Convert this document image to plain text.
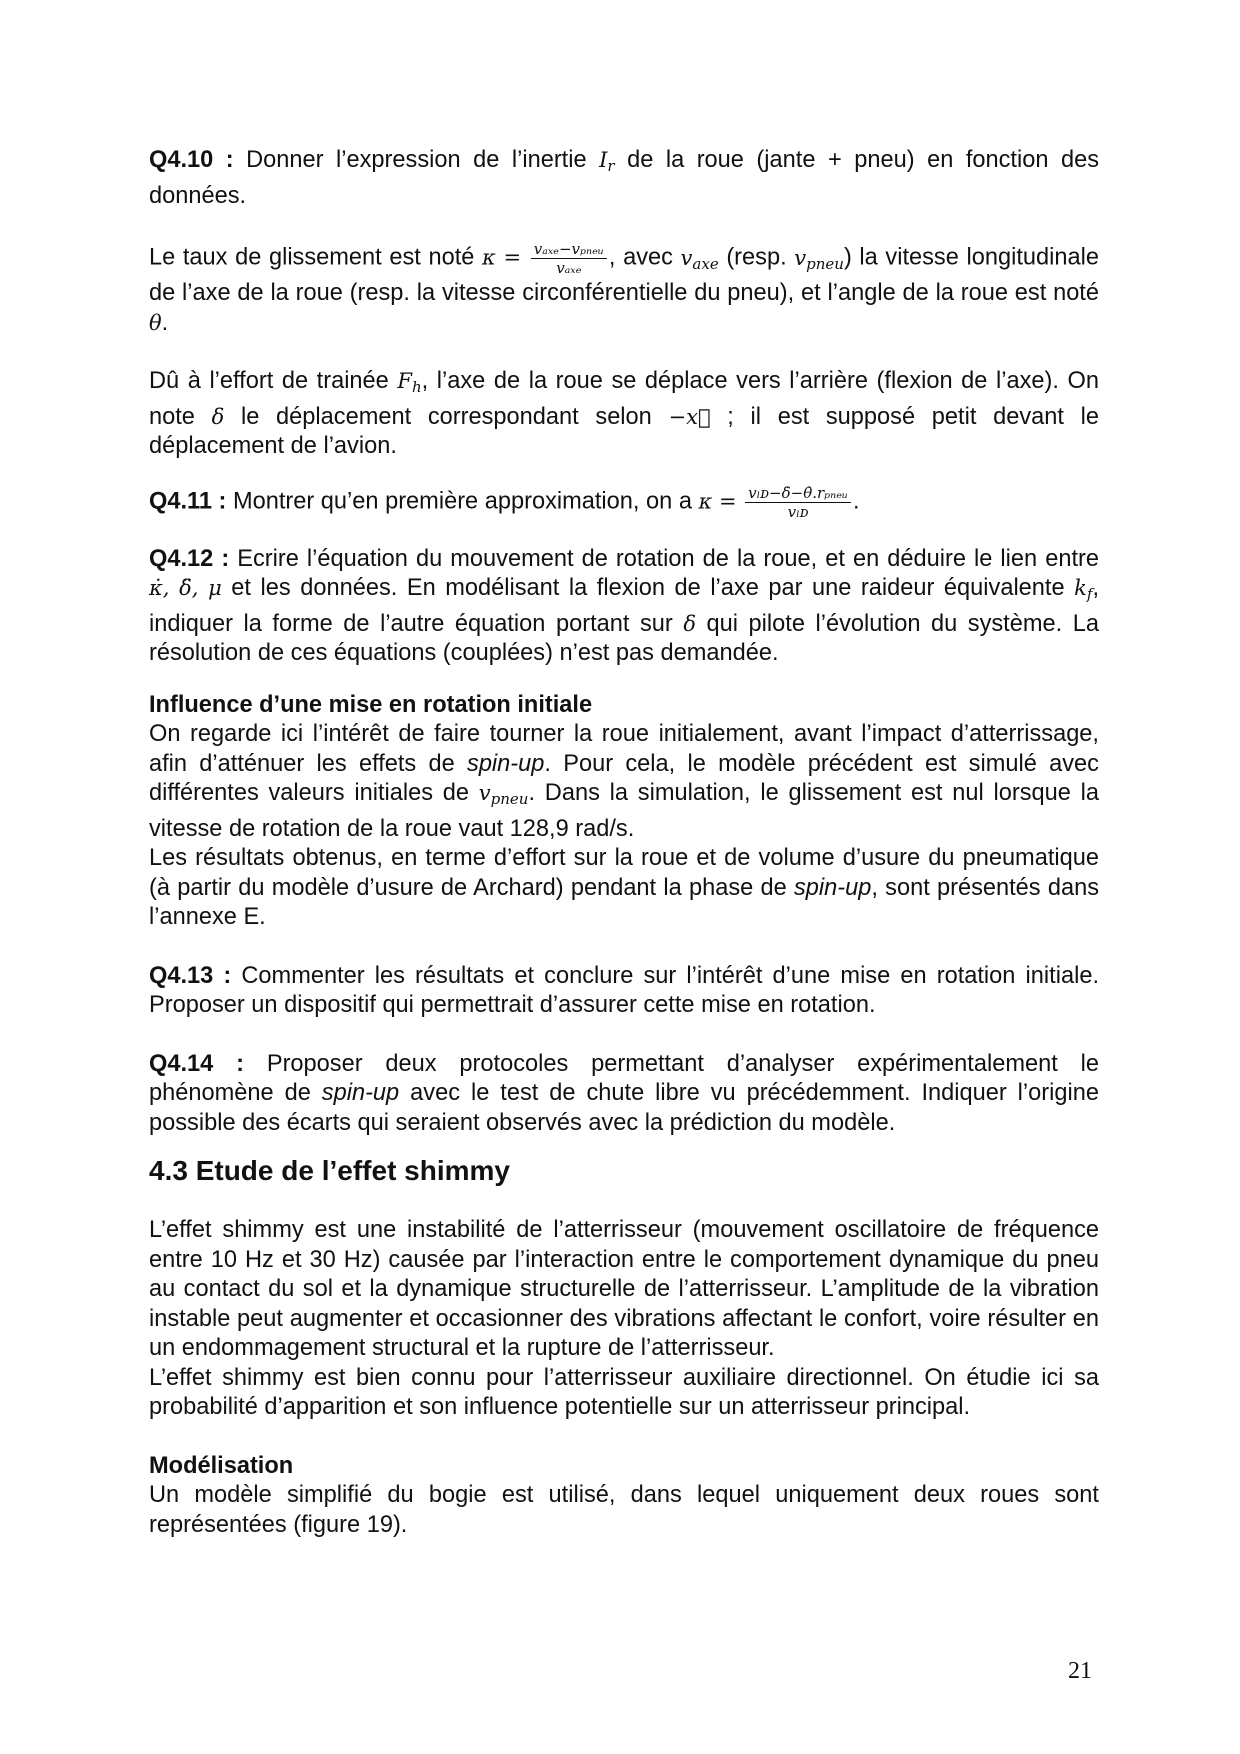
Q4.10 : Donner l’expression de l’inertie $I_r$ de la roue (jante + pneu) en fonction des données.

Le taux de glissement est noté $\kappa = \frac{\text{vₐₓₑ−vₚₙₑᵤ}}{\text{vₐₓₑ}}$ , avec $v_{axe}$ (resp. $v_{pneu}$) la vitesse longitudinale de l’axe de la roue (resp. la vitesse circonférentielle du pneu), et l’angle de la roue est noté θ.

Dû à l’effort de trainée $F_h$, l’axe de la roue se déplace vers l’arrière (flexion de l’axe). On note δ le déplacement correspondant selon −x⃗ ; il est supposé petit devant le déplacement de l’avion.

Q4.11 : Montrer qu’en première approximation, on a $\kappa = \frac{\text{vₗᴅ−δ̇−θ̇.rₚₙₑᵤ}}{\text{vₗᴅ}}$ .

Q4.12 : Ecrire l’équation du mouvement de rotation de la roue, et en déduire le lien entre κ̇, δ̈, μ et les données. En modélisant la flexion de l’axe par une raideur équivalente $k_f$, indiquer la forme de l’autre équation portant sur δ qui pilote l’évolution du système. La résolution de ces équations (couplées) n’est pas demandée.

Influence d’une mise en rotation initiale

On regarde ici l’intérêt de faire tourner la roue initialement, avant l’impact d’atterrissage, afin d’atténuer les effets de spin-up. Pour cela, le modèle précédent est simulé avec différentes valeurs initiales de $v_{pneu}$. Dans la simulation, le glissement est nul lorsque la vitesse de rotation de la roue vaut 128,9 rad/s.

Les résultats obtenus, en terme d’effort sur la roue et de volume d’usure du pneumatique (à partir du modèle d’usure de Archard) pendant la phase de spin-up, sont présentés dans l’annexe E.

Q4.13 : Commenter les résultats et conclure sur l’intérêt d’une mise en rotation initiale. Proposer un dispositif qui permettrait d’assurer cette mise en rotation.

Q4.14 : Proposer deux protocoles permettant d’analyser expérimentalement le phénomène de spin-up avec le test de chute libre vu précédemment. Indiquer l’origine possible des écarts qui seraient observés avec la prédiction du modèle.

4.3 Etude de l’effet shimmy

L’effet shimmy est une instabilité de l’atterrisseur (mouvement oscillatoire de fréquence entre 10 Hz et 30 Hz) causée par l’interaction entre le comportement dynamique du pneu au contact du sol et la dynamique structurelle de l’atterrisseur. L’amplitude de la vibration instable peut augmenter et occasionner des vibrations affectant le confort, voire résulter en un endommagement structural et la rupture de l’atterrisseur.

L’effet shimmy est bien connu pour l’atterrisseur auxiliaire directionnel. On étudie ici sa probabilité d’apparition et son influence potentielle sur un atterrisseur principal.

Modélisation

Un modèle simplifié du bogie est utilisé, dans lequel uniquement deux roues sont représentées (figure 19).

21
